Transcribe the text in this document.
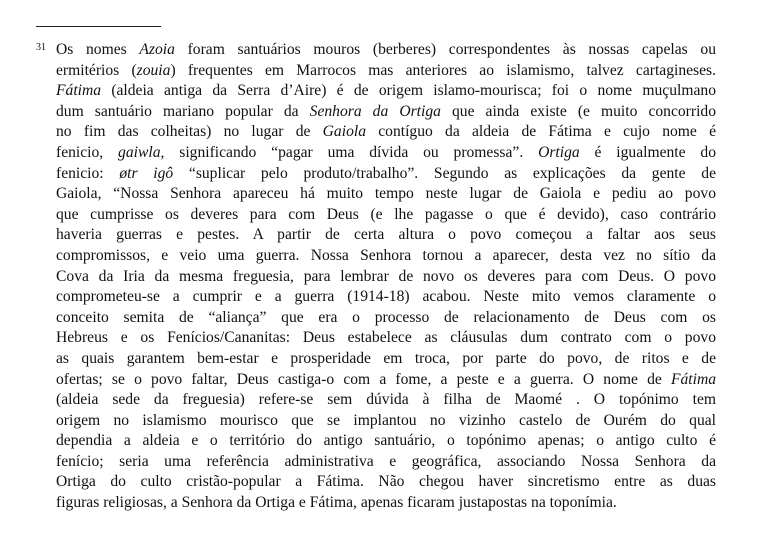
31 Os nomes Azoia foram santuários mouros (berberes) correspondentes às nossas capelas ou
ermitérios (zouia) frequentes em Marrocos mas anteriores ao islamismo, talvez cartagineses.
Fátima (aldeia antiga da Serra d’Aire) é de origem islamo-mourisca; foi o nome muçulmano
dum santuário mariano popular da Senhora da Ortiga que ainda existe (e muito concorrido
no fim das colheitas) no lugar de Gaiola contíguo da aldeia de Fátima e cujo nome é
fenicio, gaiwla, significando “pagar uma dívida ou promessa”. Ortiga é igualmente do
fenicio: øtr igô “suplicar pelo produto/trabalho”. Segundo as explicações da gente de
Gaiola, “Nossa Senhora apareceu há muito tempo neste lugar de Gaiola e pediu ao povo
que cumprisse os deveres para com Deus (e lhe pagasse o que é devido), caso contrário
haveria guerras e pestes. A partir de certa altura o povo começou a faltar aos seus
compromissos, e veio uma guerra. Nossa Senhora tornou a aparecer, desta vez no sítio da
Cova da Iria da mesma freguesia, para lembrar de novo os deveres para com Deus. O povo
comprometeu-se a cumprir e a guerra (1914-18) acabou. Neste mito vemos claramente o
conceito semita de “aliança” que era o processo de relacionamento de Deus com os
Hebreus e os Fenícios/Cananitas: Deus estabelece as cláusulas dum contrato com o povo
as quais garantem bem-estar e prosperidade em troca, por parte do povo, de ritos e de
ofertas; se o povo faltar, Deus castiga-o com a fome, a peste e a guerra. O nome de Fátima
(aldeia sede da freguesia) refere-se sem dúvida à filha de Maomé . O topónimo tem
origem no islamismo mourisco que se implantou no vizinho castelo de Ourém do qual
dependia a aldeia e o território do antigo santuário, o topónimo apenas; o antigo culto é
fenício; seria uma referência administrativa e geográfica, associando Nossa Senhora da
Ortiga do culto cristão-popular a Fátima. Não chegou haver sincretismo entre as duas
figuras religiosas, a Senhora da Ortiga e Fátima, apenas ficaram justapostas na toponímia.
